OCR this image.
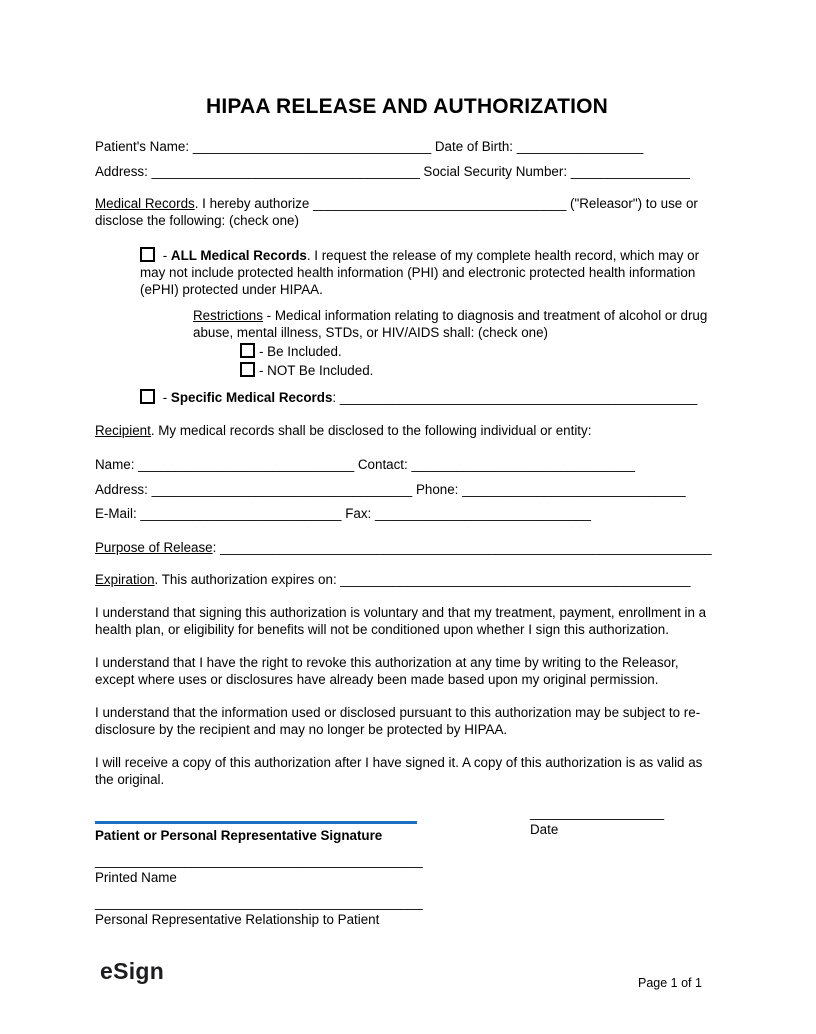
HIPAA RELEASE AND AUTHORIZATION
Patient's Name: ________________________________ Date of Birth: _________________
Address: ____________________________________ Social Security Number: ________________
Medical Records. I hereby authorize __________________________________ ("Releasor") to use or disclose the following: (check one)
- ALL Medical Records. I request the release of my complete health record, which may or may not include protected health information (PHI) and electronic protected health information (ePHI) protected under HIPAA.
Restrictions - Medical information relating to diagnosis and treatment of alcohol or drug abuse, mental illness, STDs, or HIV/AIDS shall: (check one)
- Be Included.
- NOT Be Included.
- Specific Medical Records: ________________________________________________
Recipient. My medical records shall be disclosed to the following individual or entity:
Name: _____________________________ Contact: ______________________________
Address: ___________________________________ Phone: ______________________________
E-Mail: ___________________________ Fax: _____________________________
Purpose of Release: __________________________________________________________________
Expiration. This authorization expires on: _______________________________________________
I understand that signing this authorization is voluntary and that my treatment, payment, enrollment in a health plan, or eligibility for benefits will not be conditioned upon whether I sign this authorization.
I understand that I have the right to revoke this authorization at any time by writing to the Releasor, except where uses or disclosures have already been made based upon my original permission.
I understand that the information used or disclosed pursuant to this authorization may be subject to re-disclosure by the recipient and may no longer be protected by HIPAA.
I will receive a copy of this authorization after I have signed it. A copy of this authorization is as valid as the original.
Patient or Personal Representative Signature
__________________
Date
____________________________________________
Printed Name
____________________________________________
Personal Representative Relationship to Patient
eSign	Page 1 of 1
